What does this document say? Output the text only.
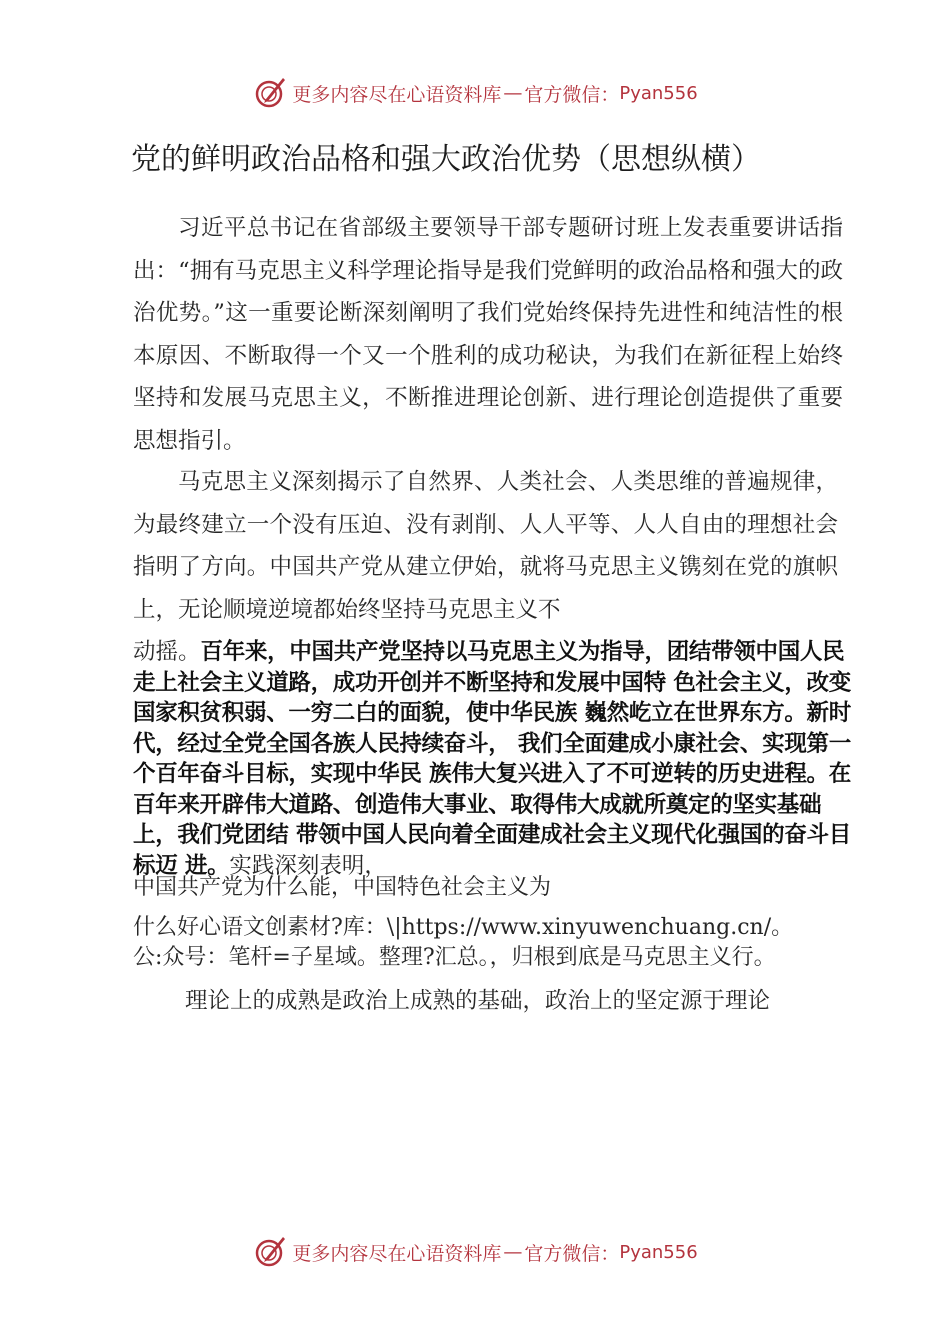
更多内容尽在心语资料库 — 官方微信： Pyan556
党的鲜明政治品格和强大政治优势（思想纵横）

习近平总书记在省部级主要领导干部专题研讨班上发表重要讲话指出：“拥有马克思主义科学理论指导是我们党鲜明的政治品格和强大的政治优势。”这一重要论断深刻阐明了我们党始终保持先进性和纯洁性的根本原因、不断取得一个又一个胜利的成功秘诀，为我们在新征程上始终坚持和发展马克思主义，不断推进理论创新、进行理论创造提供了重要思想指引。

马克思主义深刻揭示了自然界、人类社会、人类思维的普遍规律，为最终建立一个没有压迫、没有剥削、人人平等、人人自由的理想社会指明了方向。中国共产党从建立伊始，就将马克思主义镌刻在党的旗帜上，无论顺境逆境都始终坚持马克思主义不

动摇。百年来，中国共产党坚持以马克思主义为指导，团结带领中国人民走上社会主义道路，成功开创并不断坚持和发展中国特 色社会主义，改变国家积贫积弱、一穷二白的面貌，使中华民族 巍然屹立在世界东方。新时代，经过全党全国各族人民持续奋斗， 我们全面建成小康社会、实现第一个百年奋斗目标，实现中华民 族伟大复兴进入了不可逆转的历史进程。在百年来开辟伟大道路、创造伟大事业、取得伟大成就所奠定的坚实基础上，我们党团结 带领中国人民向着全面建成社会主义现代化强国的奋斗目标迈 进。实践深刻表明，

中国共产党为什么能，中国特色社会主义为

什么好心语文创素材?库：\|https://www.xinyuwenchuang.cn/。

公:众号：笔杆=子星域。整理?汇总。，归根到底是马克思主义行。

理论上的成熟是政治上成熟的基础，政治上的坚定源于理论

更多内容尽在心语资料库 — 官方微信： Pyan556
